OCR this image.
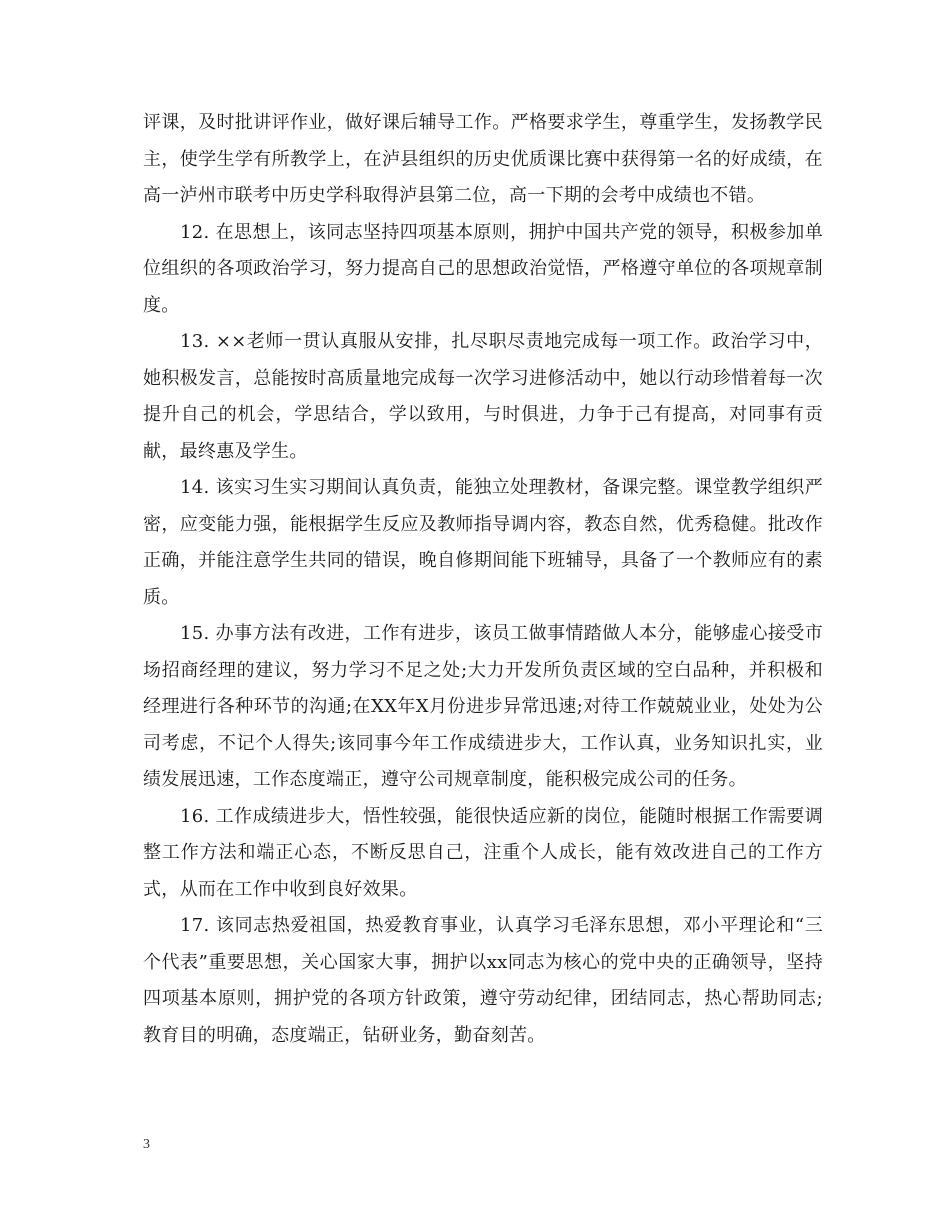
评课，及时批讲评作业，做好课后辅导工作。严格要求学生，尊重学生，发扬教学民主，使学生学有所教学上，在泸县组织的历史优质课比赛中获得第一名的好成绩，在高一泸州市联考中历史学科取得泸县第二位，高一下期的会考中成绩也不错。

12. 在思想上，该同志坚持四项基本原则，拥护中国共产党的领导，积极参加单位组织的各项政治学习，努力提高自己的思想政治觉悟，严格遵守单位的各项规章制度。

13. ××老师一贯认真服从安排，扎尽职尽责地完成每一项工作。政治学习中，她积极发言，总能按时高质量地完成每一次学习进修活动中，她以行动珍惜着每一次提升自己的机会，学思结合，学以致用，与时俱进，力争于己有提高，对同事有贡献，最终惠及学生。

14. 该实习生实习期间认真负责，能独立处理教材，备课完整。课堂教学组织严密，应变能力强，能根据学生反应及教师指导调内容，教态自然，优秀稳健。批改作正确，并能注意学生共同的错误，晚自修期间能下班辅导，具备了一个教师应有的素质。

15. 办事方法有改进，工作有进步，该员工做事情踏做人本分，能够虚心接受市场招商经理的建议，努力学习不足之处;大力开发所负责区域的空白品种，并积极和经理进行各种环节的沟通;在XX年X月份进步异常迅速;对待工作兢兢业业，处处为公司考虑，不记个人得失;该同事今年工作成绩进步大，工作认真，业务知识扎实，业绩发展迅速，工作态度端正，遵守公司规章制度，能积极完成公司的任务。

16. 工作成绩进步大，悟性较强，能很快适应新的岗位，能随时根据工作需要调整工作方法和端正心态，不断反思自己，注重个人成长，能有效改进自己的工作方式，从而在工作中收到良好效果。

17. 该同志热爱祖国，热爱教育事业，认真学习毛泽东思想，邓小平理论和“三个代表”重要思想，关心国家大事，拥护以xx同志为核心的党中央的正确领导，坚持四项基本原则，拥护党的各项方针政策，遵守劳动纪律，团结同志，热心帮助同志;教育目的明确，态度端正，钻研业务，勤奋刻苦。

3
